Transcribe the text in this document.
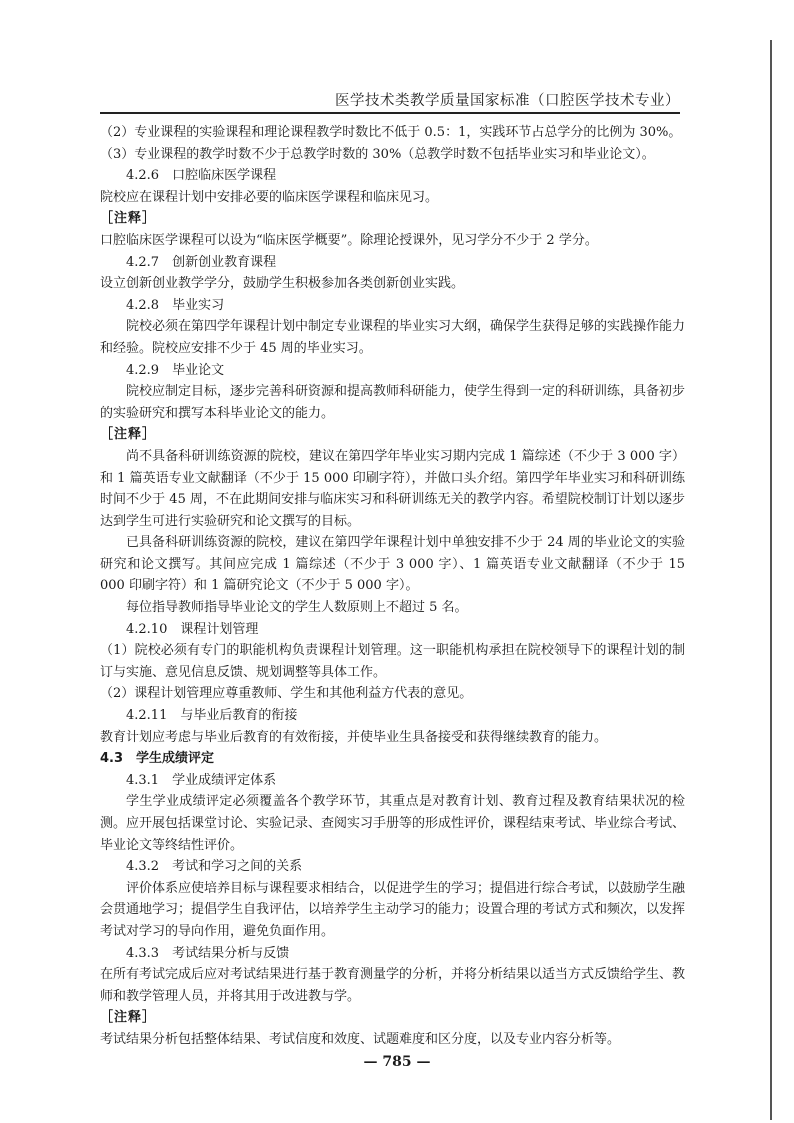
医学技术类教学质量国家标准（口腔医学技术专业）

（2）专业课程的实验课程和理论课程教学时数比不低于 0.5：1，实践环节占总学分的比例为 30%。

（3）专业课程的教学时数不少于总教学时数的 30%（总教学时数不包括毕业实习和毕业论文）。

4.2.6　口腔临床医学课程

院校应在课程计划中安排必要的临床医学课程和临床见习。

［注释］

口腔临床医学课程可以设为“临床医学概要”。除理论授课外，见习学分不少于 2 学分。

4.2.7　创新创业教育课程

设立创新创业教学学分，鼓励学生积极参加各类创新创业实践。

4.2.8　毕业实习

院校必须在第四学年课程计划中制定专业课程的毕业实习大纲，确保学生获得足够的实践操作能力和经验。院校应安排不少于 45 周的毕业实习。

4.2.9　毕业论文

院校应制定目标，逐步完善科研资源和提高教师科研能力，使学生得到一定的科研训练，具备初步的实验研究和撰写本科毕业论文的能力。

［注释］

尚不具备科研训练资源的院校，建议在第四学年毕业实习期内完成 1 篇综述（不少于 3 000 字）和 1 篇英语专业文献翻译（不少于 15 000 印刷字符），并做口头介绍。第四学年毕业实习和科研训练时间不少于 45 周，不在此期间安排与临床实习和科研训练无关的教学内容。希望院校制订计划以逐步达到学生可进行实验研究和论文撰写的目标。

已具备科研训练资源的院校，建议在第四学年课程计划中单独安排不少于 24 周的毕业论文的实验研究和论文撰写。其间应完成 1 篇综述（不少于 3 000 字）、1 篇英语专业文献翻译（不少于 15 000 印刷字符）和 1 篇研究论文（不少于 5 000 字）。

每位指导教师指导毕业论文的学生人数原则上不超过 5 名。

4.2.10　课程计划管理

（1）院校必须有专门的职能机构负责课程计划管理。这一职能机构承担在院校领导下的课程计划的制订与实施、意见信息反馈、规划调整等具体工作。

（2）课程计划管理应尊重教师、学生和其他利益方代表的意见。

4.2.11　与毕业后教育的衔接

教育计划应考虑与毕业后教育的有效衔接，并使毕业生具备接受和获得继续教育的能力。

4.3　学生成绩评定

4.3.1　学业成绩评定体系

学生学业成绩评定必须覆盖各个教学环节，其重点是对教育计划、教育过程及教育结果状况的检测。应开展包括课堂讨论、实验记录、查阅实习手册等的形成性评价，课程结束考试、毕业综合考试、毕业论文等终结性评价。

4.3.2　考试和学习之间的关系

评价体系应使培养目标与课程要求相结合，以促进学生的学习；提倡进行综合考试，以鼓励学生融会贯通地学习；提倡学生自我评估，以培养学生主动学习的能力；设置合理的考试方式和频次，以发挥考试对学习的导向作用，避免负面作用。

4.3.3　考试结果分析与反馈

在所有考试完成后应对考试结果进行基于教育测量学的分析，并将分析结果以适当方式反馈给学生、教师和教学管理人员，并将其用于改进教与学。

［注释］

考试结果分析包括整体结果、考试信度和效度、试题难度和区分度，以及专业内容分析等。

— 785 —
